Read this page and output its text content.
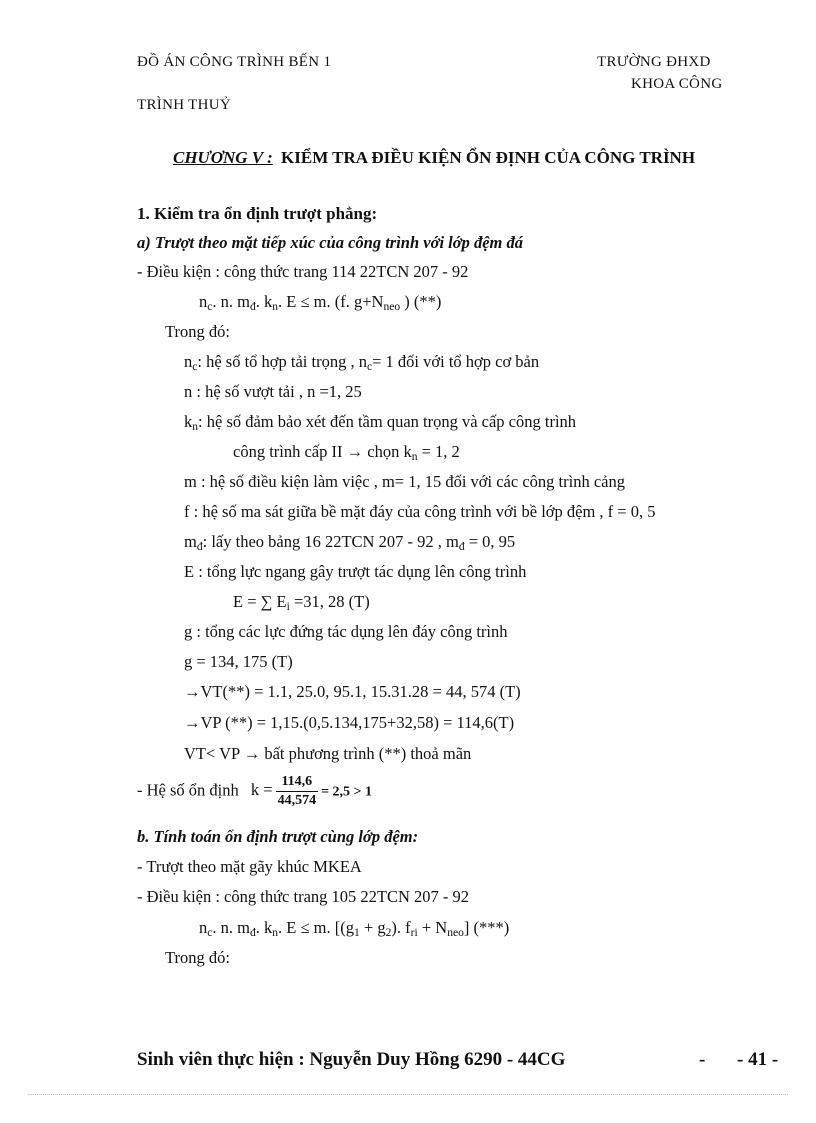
ĐỒ ÁN CÔNG TRÌNH BẾN 1	TRƯỜNG ĐHXD
KHOA CÔNG
TRÌNH THUỶ
CHƯƠNG V : KIỂM TRA ĐIỀU KIỆN ỔN ĐỊNH CỦA CÔNG TRÌNH
1. Kiểm tra ổn định trượt phẳng:
a) Trượt theo mặt tiếp xúc của công trình với lớp đệm đá
- Điều kiện : công thức trang 114 22TCN 207 - 92
$n_c$. n. $m_đ$. $k_n$. E ≤ m. (f. $g+N_{neo}$ ) (**)
Trong đó:
$n_c$: hệ số tổ hợp tải trọng , $n_c= 1$ đối với tổ hợp cơ bản
n : hệ số vượt tải , n =1, 25
$k_n$: hệ số đảm bảo xét đến tầm quan trọng và cấp công trình
công trình cấp II → chọn $k_n = 1$, 2
m : hệ số điều kiện làm việc , m= 1, 15 đối với các công trình cảng
f : hệ số ma sát giữa bề mặt đáy của công trình với bề lớp đệm , f = 0, 5
$m_đ$: lấy theo bảng 16 22TCN 207 - 92 , $m_đ = 0$, 95
E : tổng lực ngang gây trượt tác dụng lên công trình
E = ∑ $E_i =31$, 28 (T)
g : tổng các lực đứng tác dụng lên đáy công trình
g = 134, 175 (T)
→VT(**) = 1.1, 25.0, 95.1, 15.31.28 = 44, 574 (T)
→VP (**) = 1,15.(0,5.134,175+32,58) = 114,6(T)
VT< VP → bất phương trình (**) thoả mãn
- Hệ số ổn định $k = \frac{114,6}{44,574} = 2,5 > 1$
b. Tính toán ổn định trượt cùng lớp đệm:
- Trượt theo mặt gãy khúc MKEA
- Điều kiện : công thức trang 105 22TCN 207 - 92
$n_c$. n. $m_đ$. $k_n$. E ≤ m. [$(g_1 + g_2)$. $f_{ri} + N_{neo}$] (***)
Trong đó:
Sinh viên thực hiện : Nguyễn Duy Hồng 6290 - 44CG	- - 41 -
